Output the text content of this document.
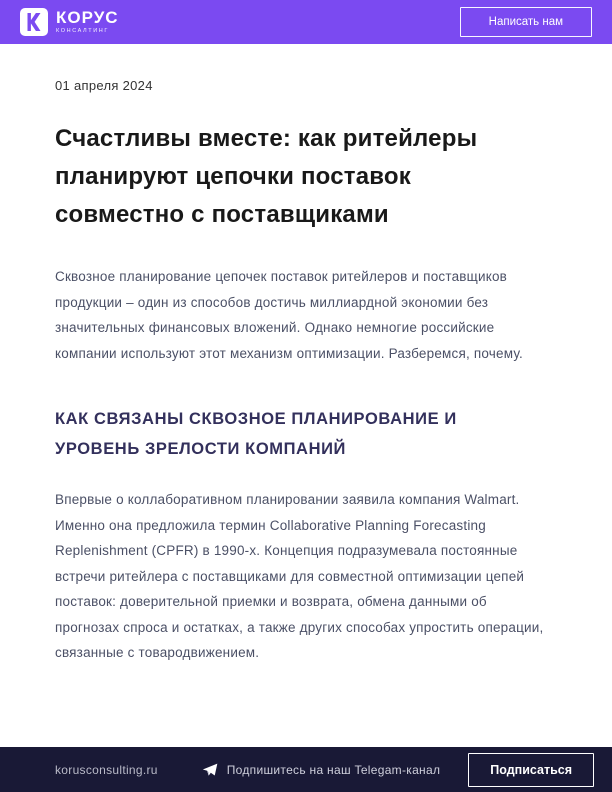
КОРУС
КОНСАЛТИНГ
Написать нам
01 апреля 2024
Счастливы вместе: как ритейлеры планируют цепочки поставок совместно с поставщиками

Сквозное планирование цепочек поставок ритейлеров и поставщиков продукции – один из способов достичь миллиардной экономии без значительных финансовых вложений. Однако немногие российские компании используют этот механизм оптимизации. Разберемся, почему.

КАК СВЯЗАНЫ СКВОЗНОЕ ПЛАНИРОВАНИЕ И УРОВЕНЬ ЗРЕЛОСТИ КОМПАНИЙ

Впервые о коллаборативном планировании заявила компания Walmart. Именно она предложила термин Collaborative Planning Forecasting Replenishment (CPFR) в 1990-х. Концепция подразумевала постоянные встречи ритейлера с поставщиками для совместной оптимизации цепей поставок: доверительной приемки и возврата, обмена данными об прогнозах спроса и остатках, а также других способах упростить операции, связанные с товародвижением.

korusconsulting.ru	Подпишитесь на наш Telegam-канал	Подписаться
